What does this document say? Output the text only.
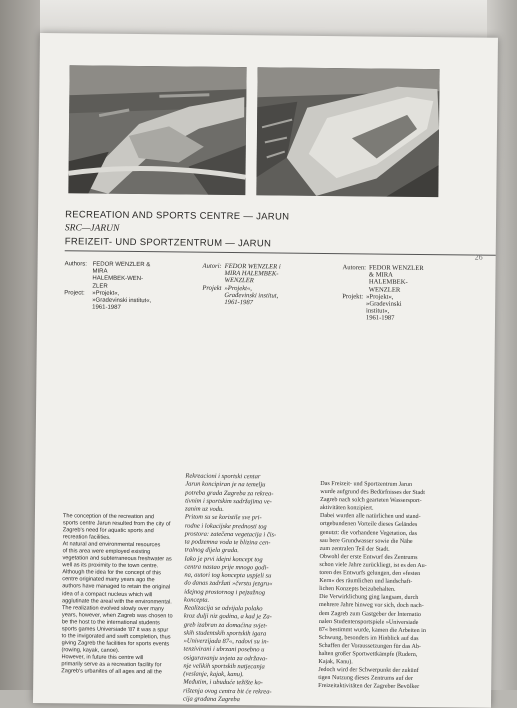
RECREATION AND SPORTS CENTRE — JARUN
SRC—JARUN
FREIZEIT- UND SPORTZENTRUM — JARUN
26
Authors: FEDOR WENZLER &
MIRA
HALEMBEK-WEN-
ZLER
Project:	»Projekt«,
»Gradevinski institut«,
1961-1987
Autori: FEDOR WENZLER i
MIRA HALEMBEK-
WENZLER
Projekt »Projekt«,
Građevinski institut,
1961-1987
Autoren: FEDOR WENZLER
& MIRA
HALEMBEK-
WENZLER
Projekt: »Projekt«,
»Gradevinski
institut«,
1961-1987

The conception of the recreation and
sports centre Jarun resulted from the city of
Zagreb's need for aquatic sports and
recreation facilities.
At natural and environmental resources
of this area were employed existing
vegetation and subterraneous freshwater as
well as its proximity to the town centre.
Although the idea for the concept of this
centre originated many years ago the
authors have managed to retain the original
idea of a compact nucleus which will
agglutinate the areal with the environmental.
The realization evolved slowly over many
years, however, when Zagreb was chosen to
be the host to the international students
sports games Universiade '87 it was a spur
to the invigorated and swift completion, thus
giving Zagreb the facilities for sports events
(rowing, kayak, canoe).
However, in future this centre will
primarily serve as a recreation facility for
Zagreb's urbanites of all ages and all the

Rekreacioni i sportski centar
Jarun koncipiran je na temelju
potreba grada Zagreba za rekrea-
tivnim i sportskim sadržajima ve-
zanim uz vodu.
Pritom su se koristile sve pri-
rodne i lokacijske prednosti tog
prostora: zatečena vegetacija i čis-
ta podzemna voda te blizina cen-
tralnog dijela grada.
Iako je prvi idejni koncept tog
centra nastao prije mnogo godi-
na, autori tog koncepta uspjeli su
do danas zadržati »čvrstu jezgru«
idejnog prostornog i pejzažnog
koncepta.
Realizacija se odvijala polako
kroz dulji niz godina, a kad je Za-
greb izabran za domaćina svjet-
skih studentskih sportskih igara
»Univerzijada 87«, radovi su in-
tenzivirani i ubrzani posebno u
osiguravanju uvjeta za održava-
nje velikih sportskih natjecanja
(veslanje, kajak, kanu).
Međutim, i ubuduće težište ko-
rištenja ovog centra bit će rekrea-
cija građana Zagreba

Das Freizeit- und Sportzentrum Jarun
wurde aufgrund des Bedürfnisses der Stadt
Zagreb nach solch gearteten Wassersport-
aktivitäten konzipiert.
Dabei wurden alle natürlichen und stand-
ortgebundenen Vorteile dieses Geländes
genutzt: die vorhandene Vegetation, das
sau bere Grundwasser sowie die Nähe
zum zentralen Teil der Stadt.
Obwohl der erste Entwurf des Zentrums
schon viele Jahre zurückliegt, ist es den Au-
toren des Entwurfs gelungen, den »festen
Kern« des räumlichen und landschaft-
lichen Konzepts beizubehalten.
Die Verwirklichung ging langsam, durch
mehrere Jahre hinweg vor sich, doch nach-
dem Zagreb zum Gastgeber der Internatio
nalen Studentensportspiele »Universiade
87« bestimmt wurde, kamen die Arbeiten in
Schwung, besonders im Hinblick auf das
Schaffen der Voraussetzungen für das Ab-
halten großer Sportwettkämpfe (Rudern,
Kajak, Kanu).
Jedoch wird der Schwerpunkt der zukünf
tigen Nutzung dieses Zentrums auf der
Freizeitaktivitäten der Zagreber Bevölker
